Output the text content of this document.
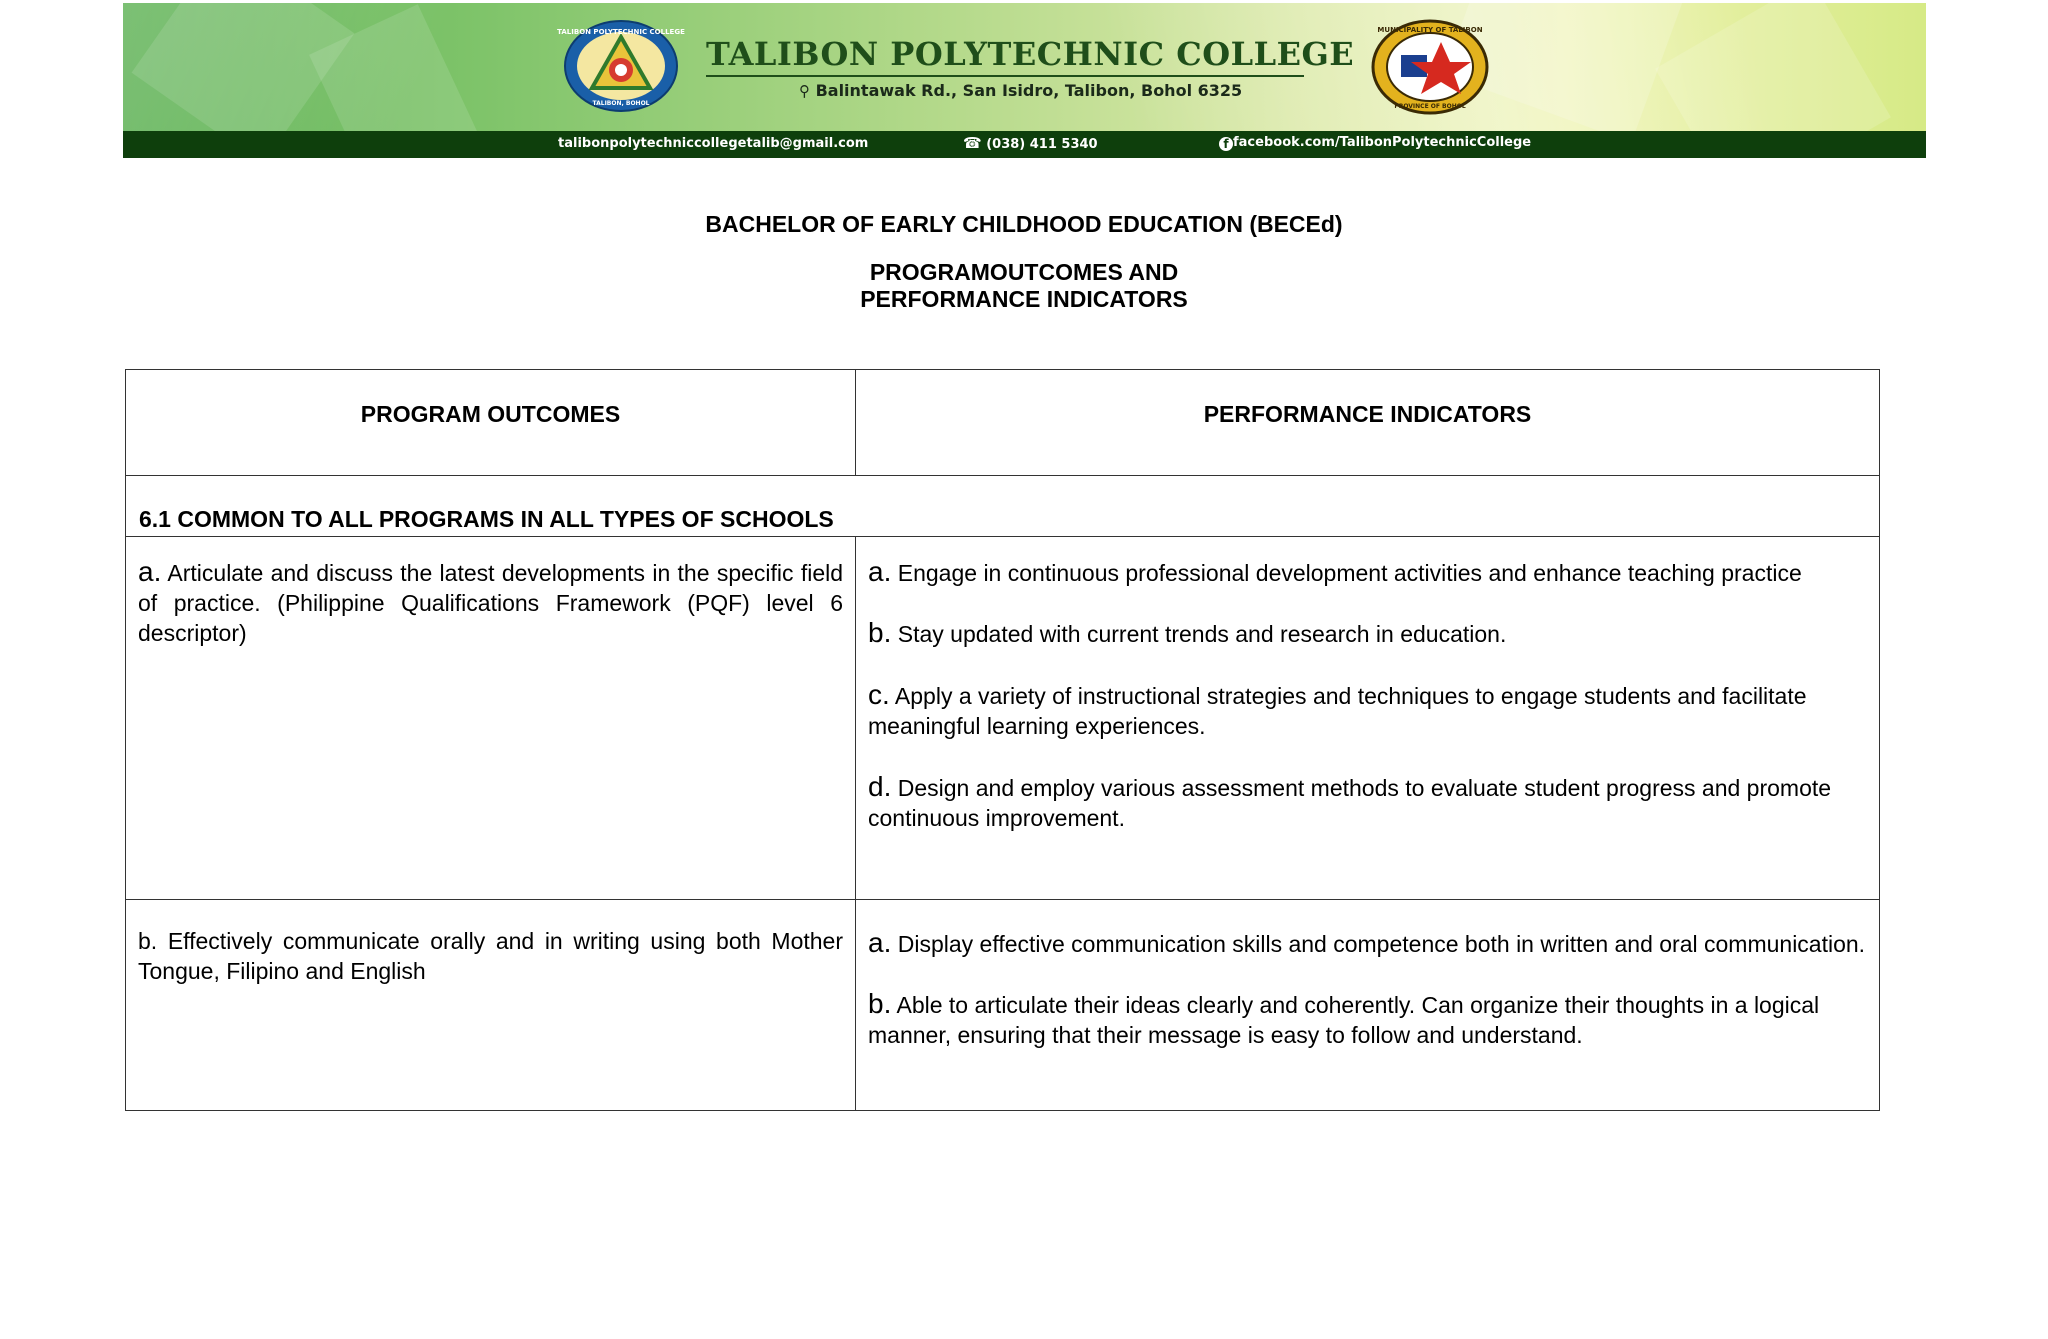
TALIBON POLYTECHNIC COLLEGE
TALIBON, BOHOL
TALIBON POLYTECHNIC COLLEGE
⚲ Balintawak Rd., San Isidro, Talibon, Bohol 6325
MUNICIPALITY OF TALIBON
PROVINCE OF BOHOL
talibonpolytechniccollegetalib@gmail.com	☎ (038) 411 5340	f facebook.com/TalibonPolytechnicCollege
BACHELOR OF EARLY CHILDHOOD EDUCATION (BECEd)
PROGRAMOUTCOMES AND
PERFORMANCE INDICATORS
PROGRAM OUTCOMES	PERFORMANCE INDICATORS

6.1 COMMON TO ALL PROGRAMS IN ALL TYPES OF SCHOOLS	

a. Articulate and discuss the latest developments in the specific field of practice. (Philippine Qualifications Framework (PQF) level 6 descriptor)	a. Engage in continuous professional development activities and enhance teaching practice

b. Stay updated with current trends and research in education.

c. Apply a variety of instructional strategies and techniques to engage students and facilitate meaningful learning experiences.

d. Design and employ various assessment methods to evaluate student progress and promote continuous improvement.

b. Effectively communicate orally and in writing using both Mother Tongue, Filipino and English	a. Display effective communication skills and competence both in written and oral communication.

b. Able to articulate their ideas clearly and coherently. Can organize their thoughts in a logical manner, ensuring that their message is easy to follow and understand.
